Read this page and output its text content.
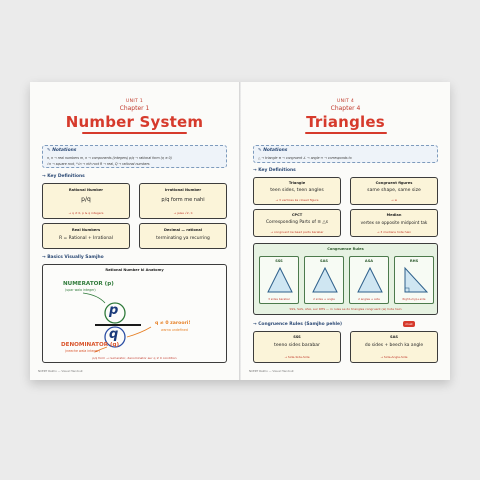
UNIT 1
Chapter 1
Number System
✎ Notations
n, n → real numbers m, n → components (integers) p/q → rational form (q ≠ 0)
√n → square root, ³√n → nth root R → real, Q → rational numbers
→ Key Definitions
Rational Number
p/q
→ q ≠ 0, p & q integers
Irrational Number
p/q form me nahi
→ jaise √2, π
Real Numbers
R = Rational + Irrational
Decimal — rational
terminating ya recurring
→ Basics Visually Samjho
Rational Number ki Anatomy
NUMERATOR (p)
(upar wala integer)
p
q
q ≠ 0 zaroori!
warna undefined
DENOMINATOR (q)
(neeche wala integer)
p/q form → numerator, denominator aur q ≠ 0 condition
NCERT Rakho — Visual Handout
UNIT 4
Chapter 4
Triangles
✎ Notations
△ → triangle ≅ → congruent ∠ → angle ↔ → corresponds to
→ Key Definitions
Triangle
teen sides, teen angles
→ 3 vertices ka closed figure
Congruent figures
same shape, same size
→ ≅
CPCT
Corresponding Parts of ≅ △s
→ congruent ke baad parts barabar
Median
vertex se opposite midpoint tak
→ 3 medians hote hain
Congruence Rules
SSS
3 sides barabar
SAS
2 sides + angle
ASA
2 angles + side
RHS
Right+hyp+side
SSS, SAS, ASA, aur RHS — in rules se do triangles congruent (≅) hote hain
→ Congruence Rules (Samjho pehle)	must
SSS
teeno sides barabar
→ Side-Side-Side
SAS
do sides + beech ka angle
→ Side-Angle-Side
NCERT Rakho — Visual Handout
